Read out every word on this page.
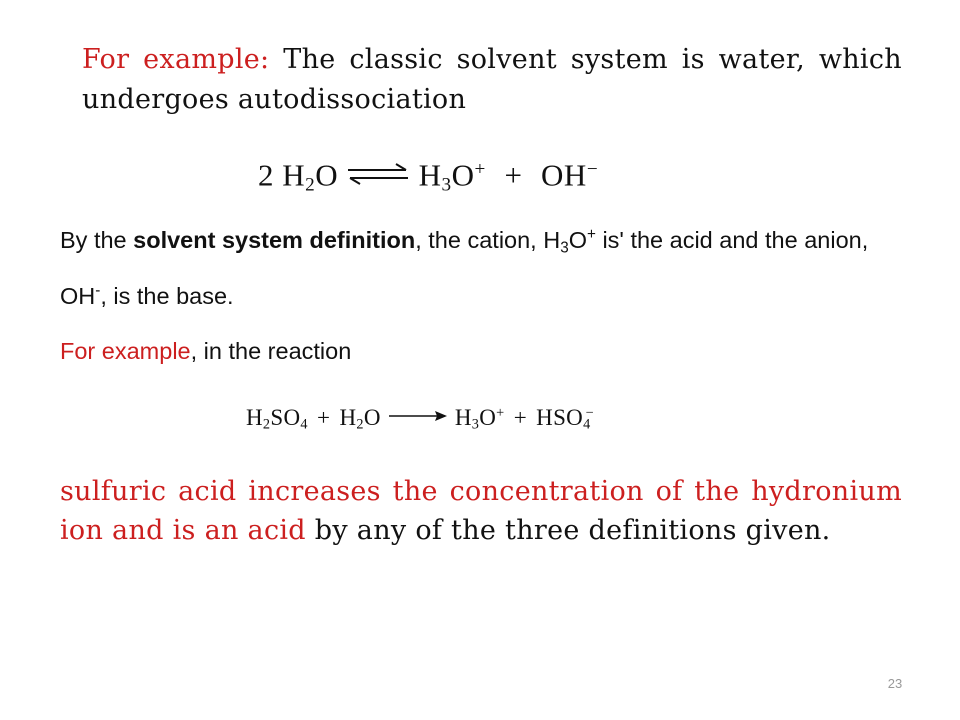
For example: The classic solvent system is water, which undergoes autodissociation

2 $H_2O$ ⇌ $H_3O^+ + OH^-$

By the solvent system definition, the cation, $H_3O^+$ is' the acid and the anion, OH-, is the base.

For example, in the reaction

$H_2SO_4 + H_2O \to H_3O^+ + HSO_4^-$

sulfuric acid increases the concentration of the hydronium ion and is an acid by any of the three definitions given.

23
